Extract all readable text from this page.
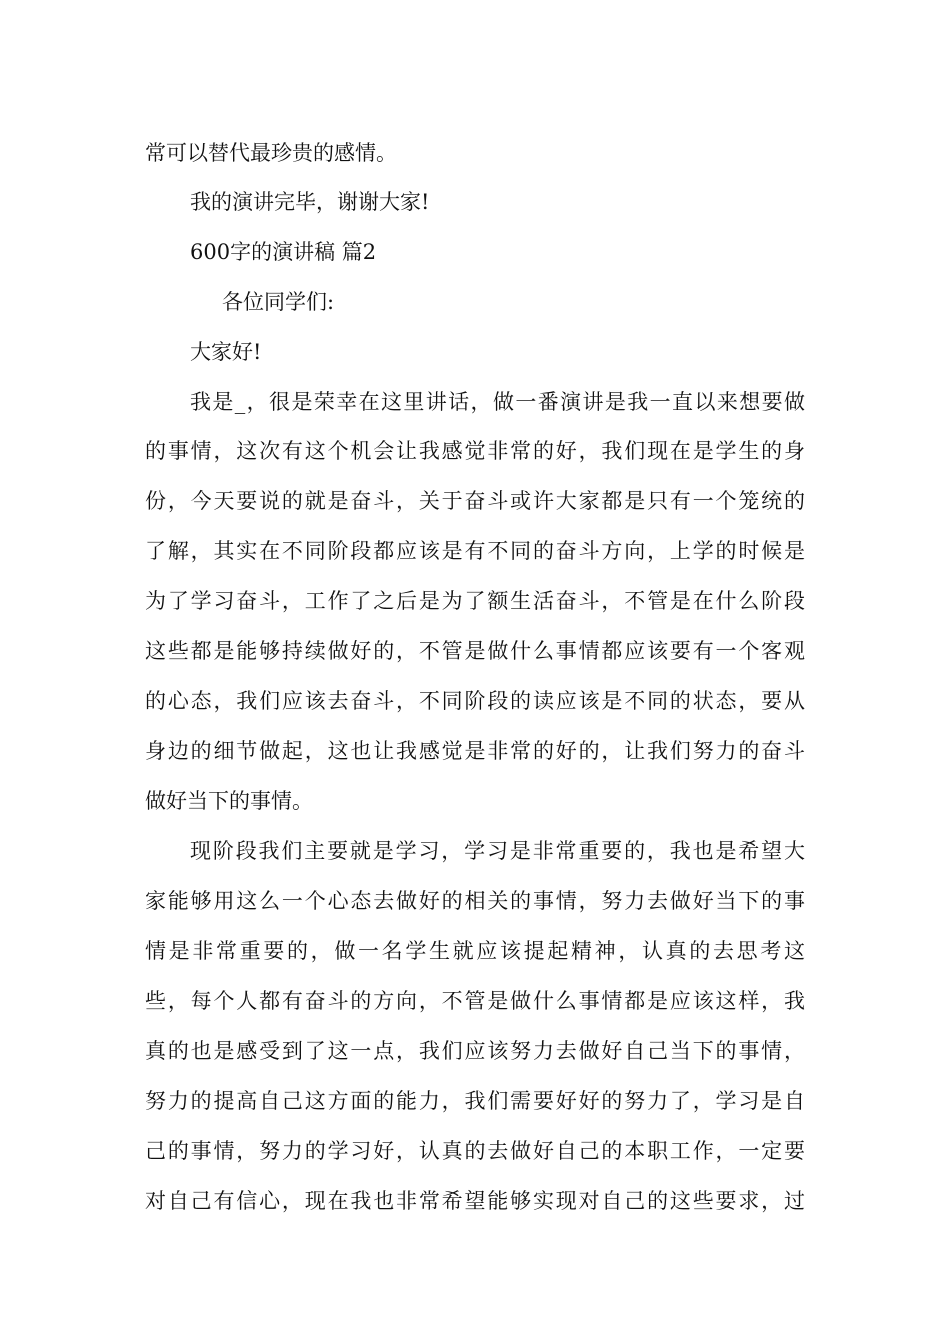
常可以替代最珍贵的感情。
我的演讲完毕，谢谢大家!
600字的演讲稿 篇2
各位同学们:
大家好!
我是_，很是荣幸在这里讲话，做一番演讲是我一直以来想要做
的事情，这次有这个机会让我感觉非常的好，我们现在是学生的身
份，今天要说的就是奋斗，关于奋斗或许大家都是只有一个笼统的
了解，其实在不同阶段都应该是有不同的奋斗方向，上学的时候是
为了学习奋斗，工作了之后是为了额生活奋斗，不管是在什么阶段
这些都是能够持续做好的，不管是做什么事情都应该要有一个客观
的心态，我们应该去奋斗，不同阶段的读应该是不同的状态，要从
身边的细节做起，这也让我感觉是非常的好的，让我们努力的奋斗
做好当下的事情。
现阶段我们主要就是学习，学习是非常重要的，我也是希望大
家能够用这么一个心态去做好的相关的事情，努力去做好当下的事
情是非常重要的，做一名学生就应该提起精神，认真的去思考这
些，每个人都有奋斗的方向，不管是做什么事情都是应该这样，我
真的也是感受到了这一点，我们应该努力去做好自己当下的事情，
努力的提高自己这方面的能力，我们需要好好的努力了，学习是自
己的事情，努力的学习好，认真的去做好自己的本职工作，一定要
对自己有信心，现在我也非常希望能够实现对自己的这些要求，过
